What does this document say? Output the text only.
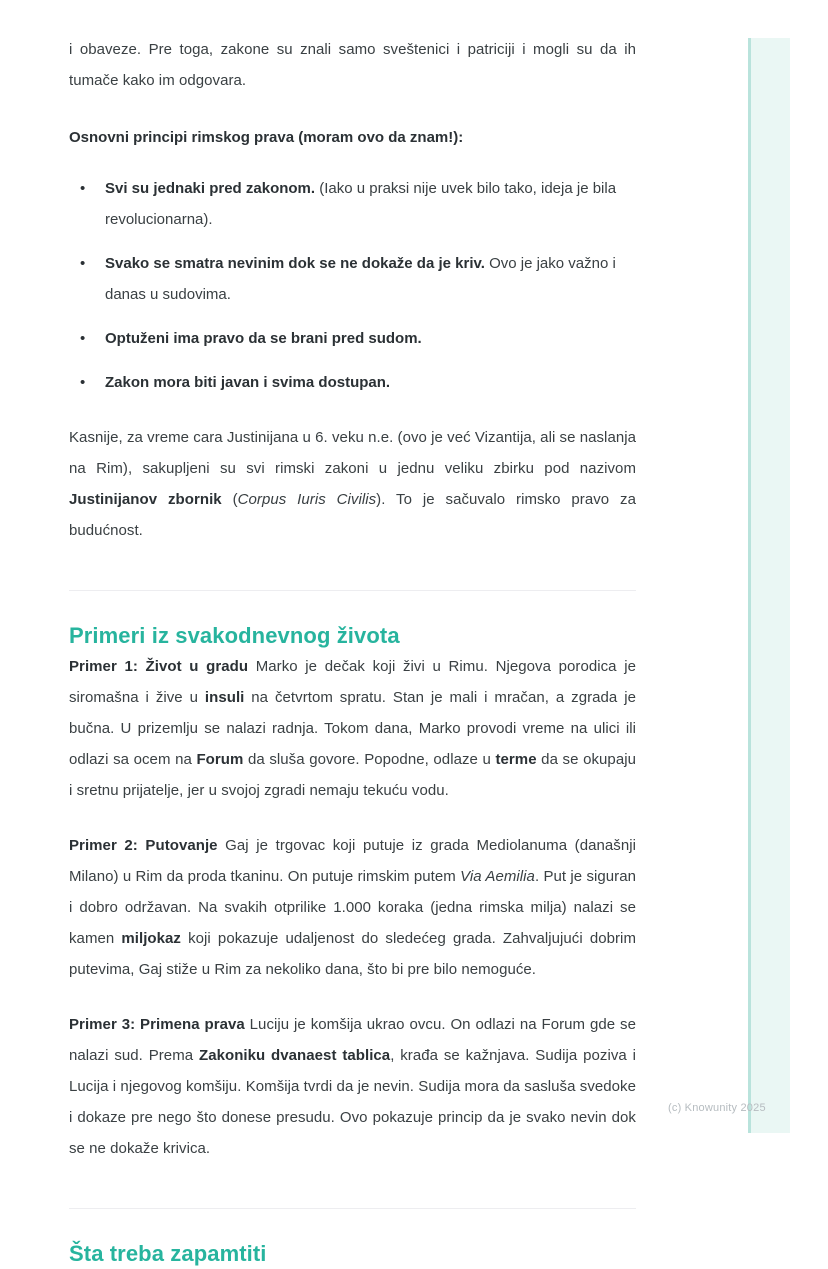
i obaveze. Pre toga, zakone su znali samo sveštenici i patriciji i mogli su da ih tumače kako im odgovara.

Osnovni principi rimskog prava (moram ovo da znam!):

• Svi su jednaki pred zakonom. (Iako u praksi nije uvek bilo tako, ideja je bila revolucionarna).
• Svako se smatra nevinim dok se ne dokaže da je kriv. Ovo je jako važno i danas u sudovima.
• Optuženi ima pravo da se brani pred sudom.
• Zakon mora biti javan i svima dostupan.

Kasnije, za vreme cara Justinijana u 6. veku n.e. (ovo je već Vizantija, ali se naslanja na Rim), sakupljeni su svi rimski zakoni u jednu veliku zbirku pod nazivom Justinijanov zbornik (Corpus Iuris Civilis). To je sačuvalo rimsko pravo za budućnost.

Primeri iz svakodnevnog života

Primer 1: Život u gradu Marko je dečak koji živi u Rimu. Njegova porodica je siromašna i žive u insuli na četvrtom spratu. Stan je mali i mračan, a zgrada je bučna. U prizemlju se nalazi radnja. Tokom dana, Marko provodi vreme na ulici ili odlazi sa ocem na Forum da sluša govore. Popodne, odlaze u terme da se okupaju i sretnu prijatelje, jer u svojoj zgradi nemaju tekuću vodu.

Primer 2: Putovanje Gaj je trgovac koji putuje iz grada Mediolanuma (današnji Milano) u Rim da proda tkaninu. On putuje rimskim putem Via Aemilia. Put je siguran i dobro održavan. Na svakih otprilike 1.000 koraka (jedna rimska milja) nalazi se kamen miljokaz koji pokazuje udaljenost do sledećeg grada. Zahvaljujući dobrim putevima, Gaj stiže u Rim za nekoliko dana, što bi pre bilo nemoguće.

Primer 3: Primena prava Luciju je komšija ukrao ovcu. On odlazi na Forum gde se nalazi sud. Prema Zakoniku dvanaest tablica, krađa se kažnjava. Sudija poziva i Lucija i njegovog komšiju. Komšija tvrdi da je nevin. Sudija mora da sasluša svedoke i dokaze pre nego što donese presudu. Ovo pokazuje princip da je svako nevin dok se ne dokaže krivica.

Šta treba zapamtiti
(c) Knowunity 2025
